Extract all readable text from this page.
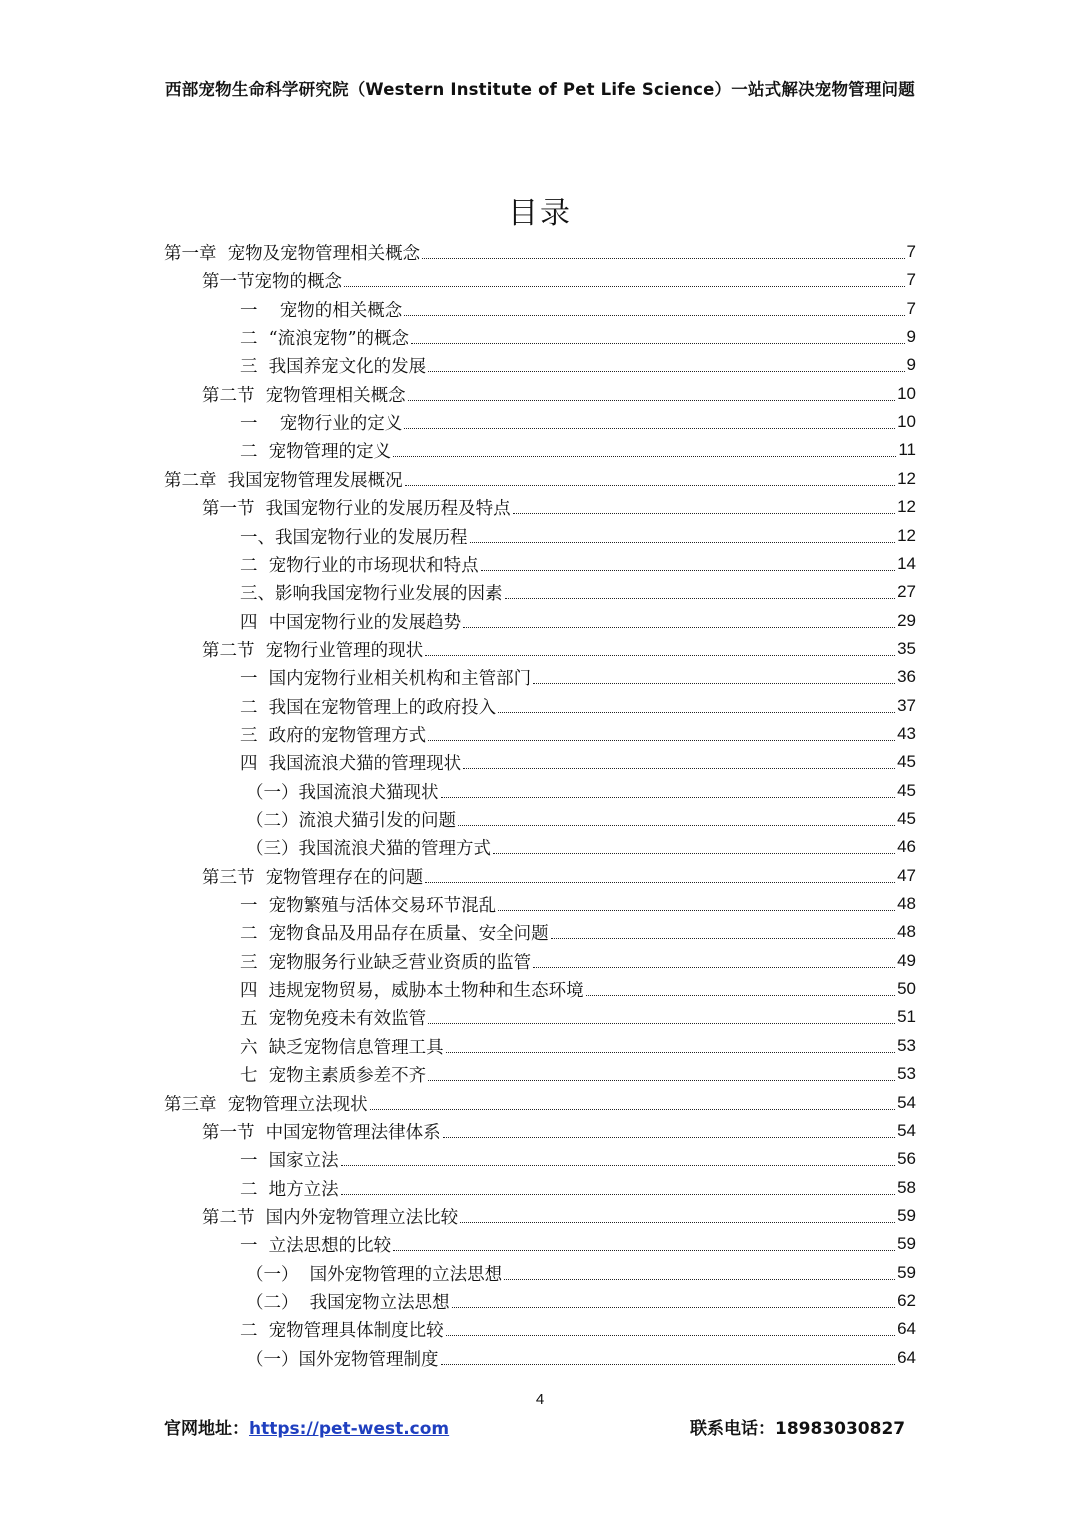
西部宠物生命科学研究院（Western Institute of Pet Life Science）一站式解决宠物管理问题
目录
第一章  宠物及宠物管理相关概念	7
第一节宠物的概念	7
一    宠物的相关概念	7
二  “流浪宠物”的概念	9
三  我国养宠文化的发展	9
第二节  宠物管理相关概念	10
一    宠物行业的定义	10
二  宠物管理的定义	11
第二章  我国宠物管理发展概况	12
第一节  我国宠物行业的发展历程及特点	12
一、我国宠物行业的发展历程	12
二  宠物行业的市场现状和特点	14
三、影响我国宠物行业发展的因素	27
四  中国宠物行业的发展趋势	29
第二节  宠物行业管理的现状	35
一  国内宠物行业相关机构和主管部门	36
二  我国在宠物管理上的政府投入	37
三  政府的宠物管理方式	43
四  我国流浪犬猫的管理现状	45
（一）我国流浪犬猫现状	45
（二）流浪犬猫引发的问题	45
（三）我国流浪犬猫的管理方式	46
第三节  宠物管理存在的问题	47
一  宠物繁殖与活体交易环节混乱	48
二  宠物食品及用品存在质量、安全问题	48
三  宠物服务行业缺乏营业资质的监管	49
四  违规宠物贸易，威胁本土物种和生态环境	50
五  宠物免疫未有效监管	51
六  缺乏宠物信息管理工具	53
七  宠物主素质参差不齐	53
第三章  宠物管理立法现状	54
第一节  中国宠物管理法律体系	54
一  国家立法	56
二  地方立法	58
第二节  国内外宠物管理立法比较	59
一  立法思想的比较	59
（一）  国外宠物管理的立法思想	59
（二）  我国宠物立法思想	62
二  宠物管理具体制度比较	64
（一）国外宠物管理制度	64
4
官网地址：https://pet-west.com	联系电话：18983030827
